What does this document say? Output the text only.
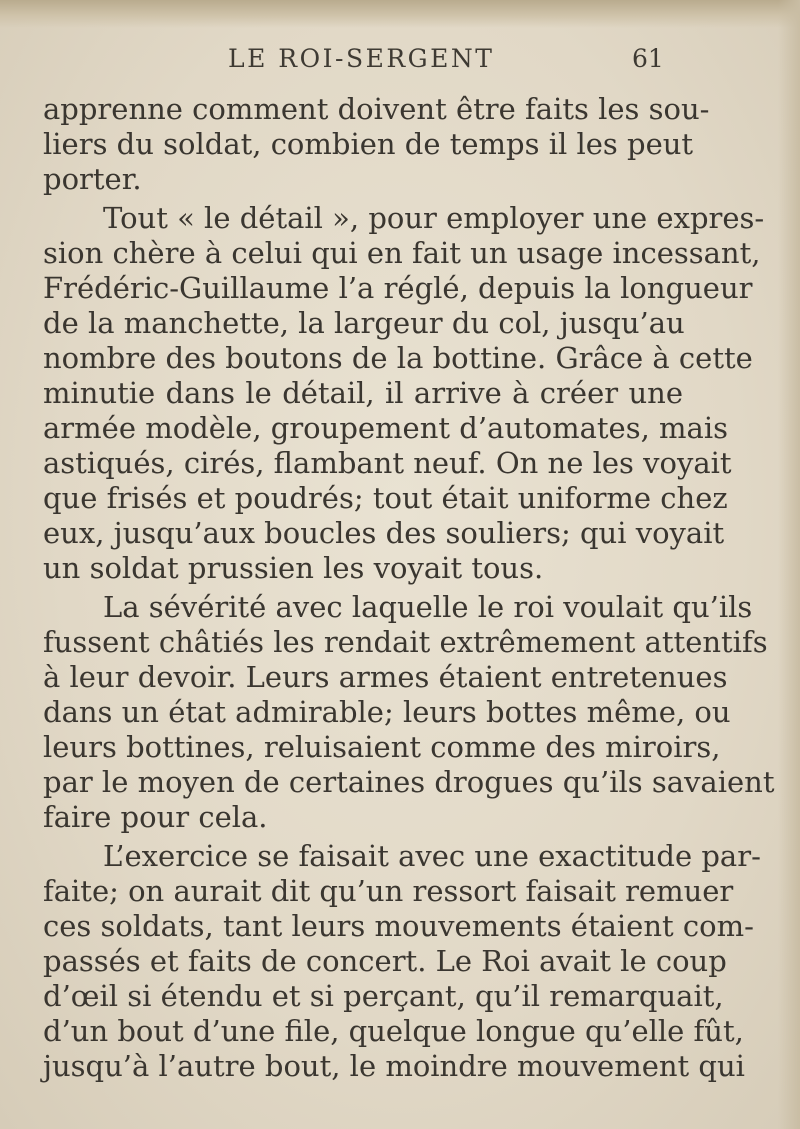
LE ROI-SERGENT	61
apprenne comment doivent être faits les sou-
liers du soldat, combien de temps il les peut
porter.
Tout « le détail », pour employer une expres-
sion chère à celui qui en fait un usage incessant,
Frédéric-Guillaume l’a réglé, depuis la longueur
de la manchette, la largeur du col, jusqu’au
nombre des boutons de la bottine. Grâce à cette
minutie dans le détail, il arrive à créer une
armée modèle, groupement d’automates, mais
astiqués, cirés, flambant neuf. On ne les voyait
que frisés et poudrés; tout était uniforme chez
eux, jusqu’aux boucles des souliers; qui voyait
un soldat prussien les voyait tous.
La sévérité avec laquelle le roi voulait qu’ils
fussent châtiés les rendait extrêmement attentifs
à leur devoir. Leurs armes étaient entretenues
dans un état admirable; leurs bottes même, ou
leurs bottines, reluisaient comme des miroirs,
par le moyen de certaines drogues qu’ils savaient
faire pour cela.
L’exercice se faisait avec une exactitude par-
faite; on aurait dit qu’un ressort faisait remuer
ces soldats, tant leurs mouvements étaient com-
passés et faits de concert. Le Roi avait le coup
d’œil si étendu et si perçant, qu’il remarquait,
d’un bout d’une file, quelque longue qu’elle fût,
jusqu’à l’autre bout, le moindre mouvement qui
